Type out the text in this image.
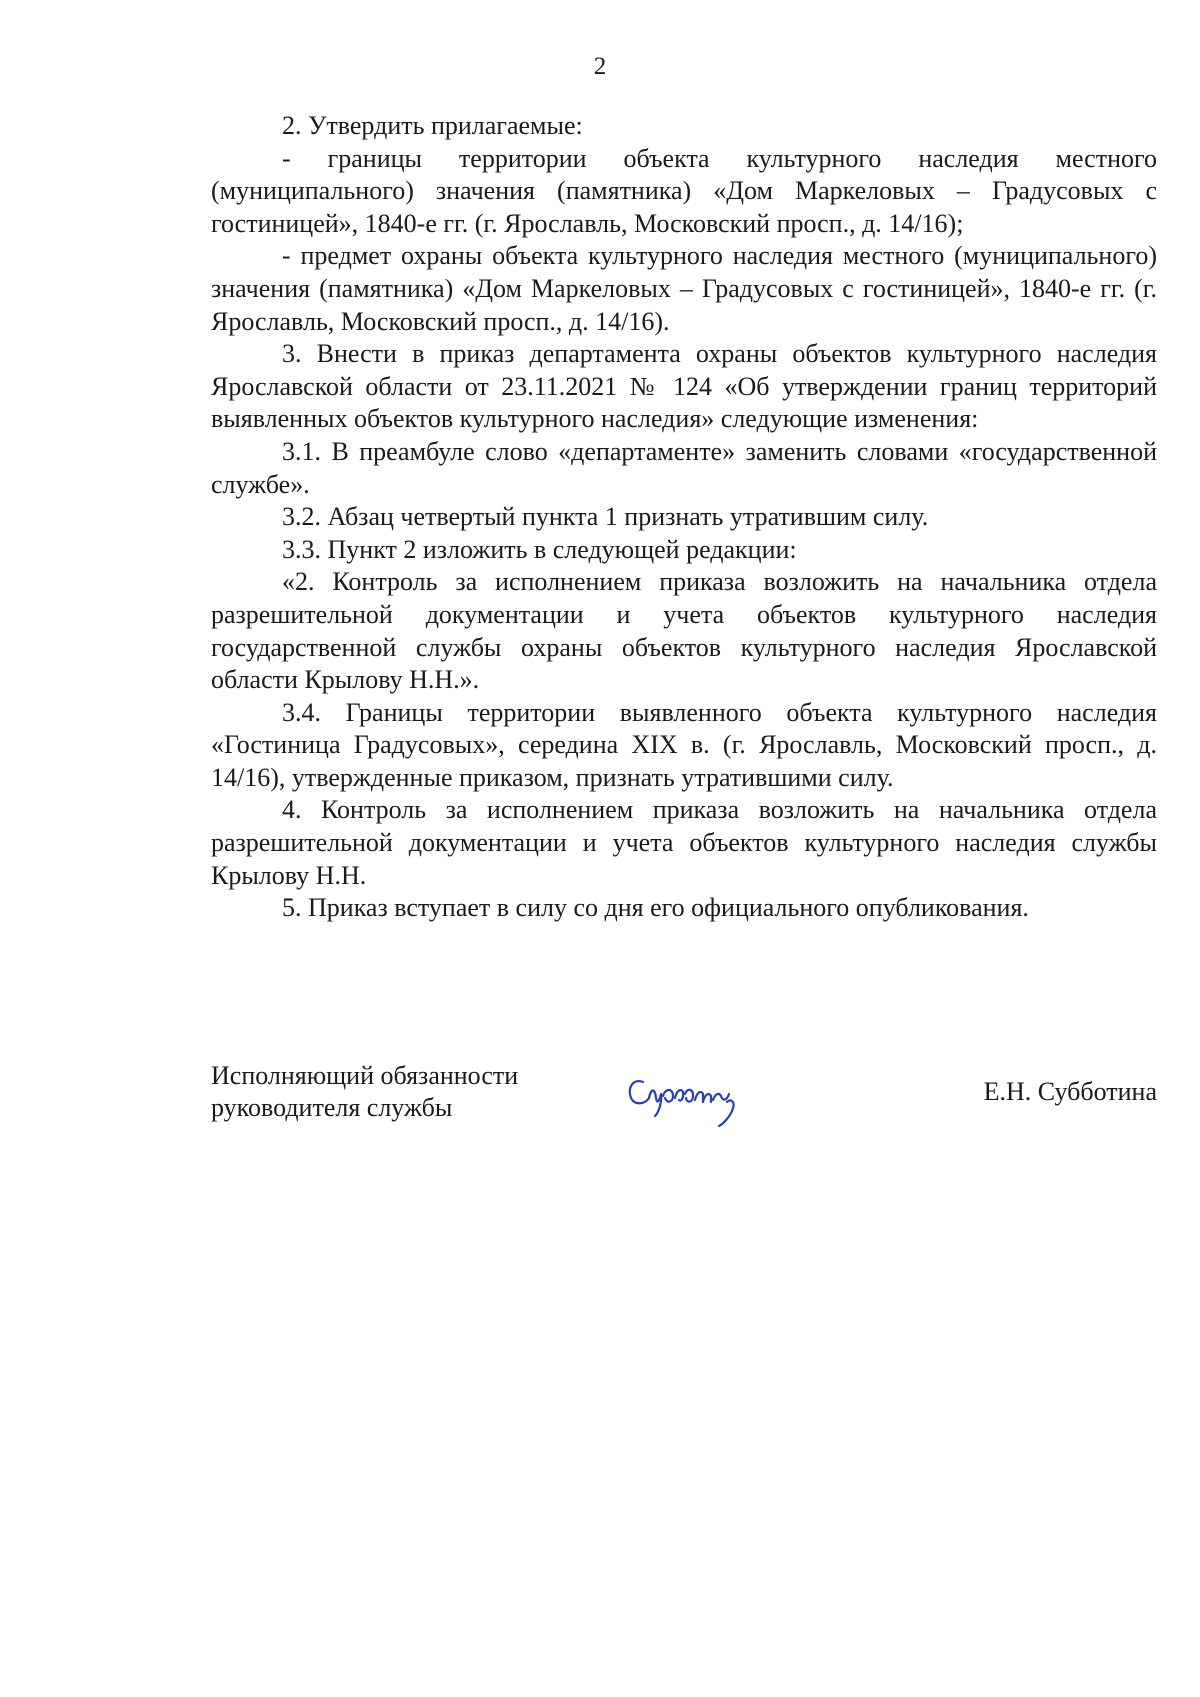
2

2. Утвердить прилагаемые:

- границы территории объекта культурного наследия местного (муниципального) значения (памятника) «Дом Маркеловых – Градусовых с гостиницей», 1840-е гг. (г. Ярославль, Московский просп., д. 14/16);

- предмет охраны объекта культурного наследия местного (муниципального) значения (памятника) «Дом Маркеловых – Градусовых с гостиницей», 1840-е гг. (г. Ярославль, Московский просп., д. 14/16).

3. Внести в приказ департамента охраны объектов культурного наследия Ярославской области от 23.11.2021 № 124 «Об утверждении границ территорий выявленных объектов культурного наследия» следующие изменения:

3.1. В преамбуле слово «департаменте» заменить словами «государственной службе».

3.2. Абзац четвертый пункта 1 признать утратившим силу.

3.3. Пункт 2 изложить в следующей редакции:

«2. Контроль за исполнением приказа возложить на начальника отдела разрешительной документации и учета объектов культурного наследия государственной службы охраны объектов культурного наследия Ярославской области Крылову Н.Н.».

3.4. Границы территории выявленного объекта культурного наследия «Гостиница Градусовых», середина XIX в. (г. Ярославль, Московский просп., д. 14/16), утвержденные приказом, признать утратившими силу.

4. Контроль за исполнением приказа возложить на начальника отдела разрешительной документации и учета объектов культурного наследия службы Крылову Н.Н.

5. Приказ вступает в силу со дня его официального опубликования.

Исполняющий обязанности
руководителя службы
Е.Н. Субботина
